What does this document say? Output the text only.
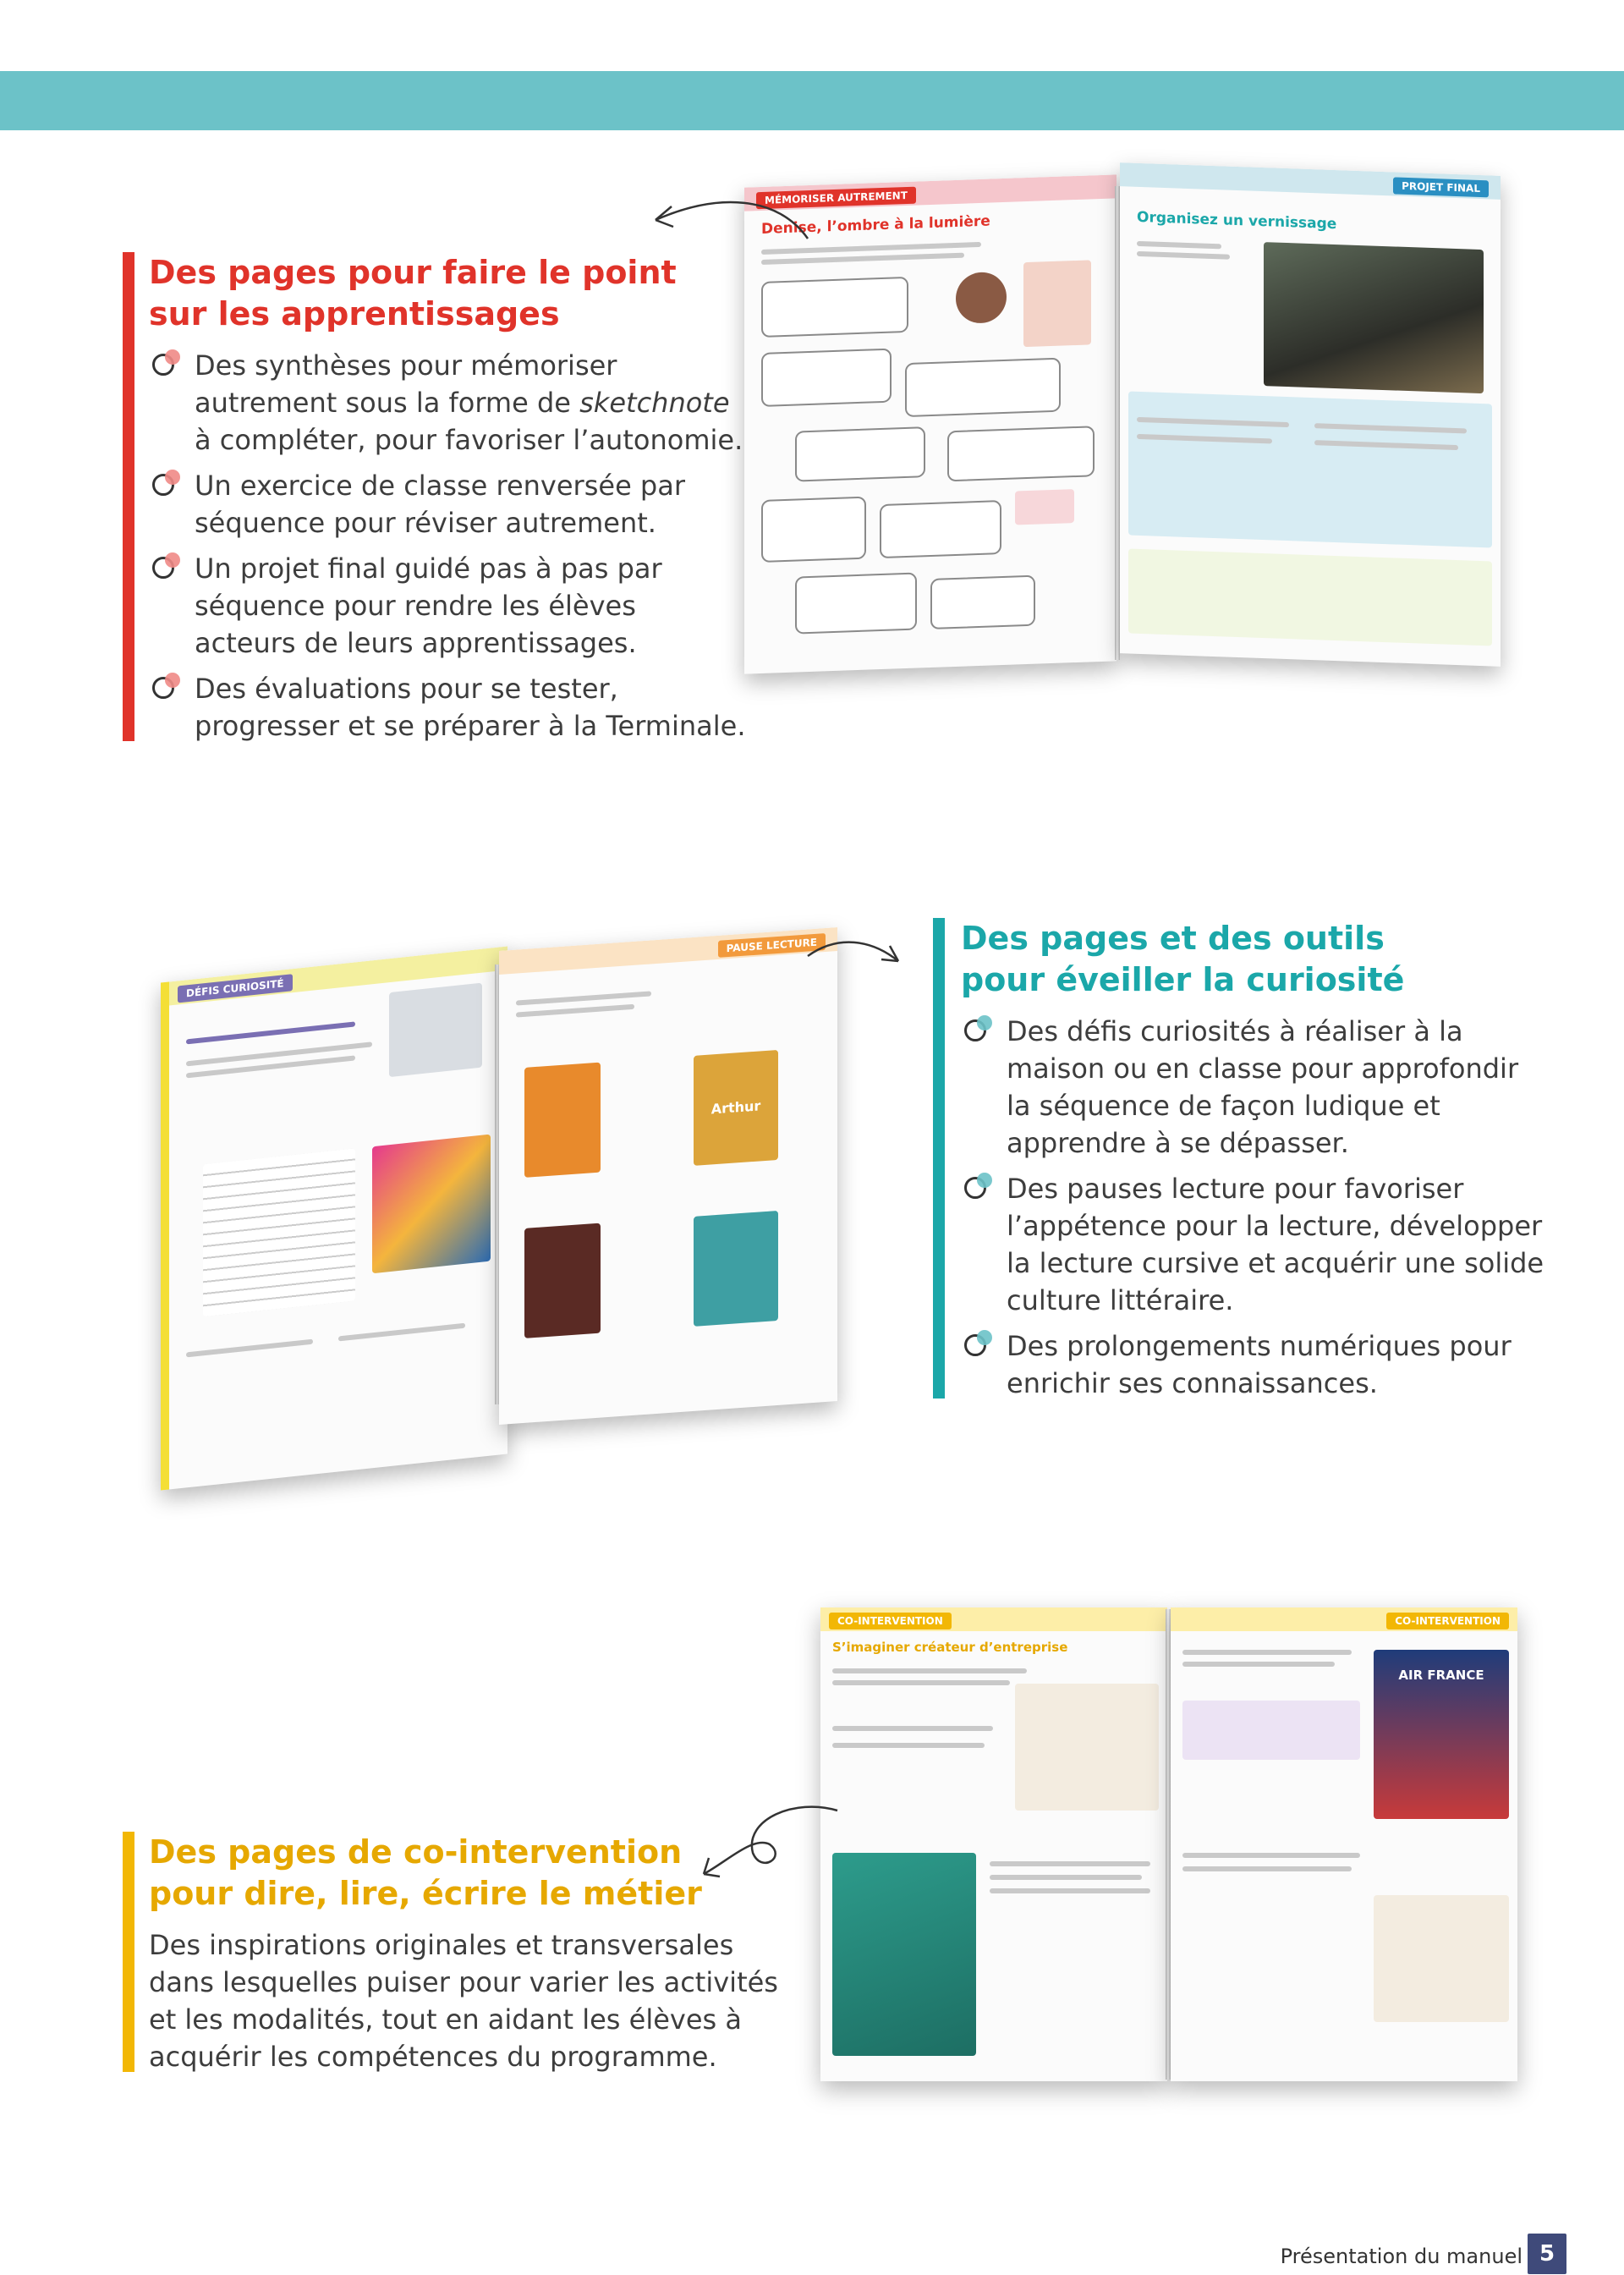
Des pages pour faire le point
sur les apprentissages
Des synthèses pour mémoriser
autrement sous la forme de sketchnote
à compléter, pour favoriser l’autonomie.
Un exercice de classe renversée par
séquence pour réviser autrement.
Un projet final guidé pas à pas par
séquence pour rendre les élèves
acteurs de leurs apprentissages.
Des évaluations pour se tester,
progresser et se préparer à la Terminale.
MÉMORISER AUTREMENT
Denise, l’ombre à la lumière
PROJET FINAL
Organisez un vernissage
Des pages et des outils
pour éveiller la curiosité
Des défis curiosités à réaliser à la
maison ou en classe pour approfondir
la séquence de façon ludique et
apprendre à se dépasser.
Des pauses lecture pour favoriser
l’appétence pour la lecture, développer
la lecture cursive et acquérir une solide
culture littéraire.
Des prolongements numériques pour
enrichir ses connaissances.
DÉFIS CURIOSITÉ
PAUSE LECTURE
Arthur
Des pages de co-intervention
pour dire, lire, écrire le métier

Des inspirations originales et transversales
dans lesquelles puiser pour varier les activités
et les modalités, tout en aidant les élèves à
acquérir les compétences du programme.

CO-INTERVENTION
S’imaginer créateur d’entreprise
CO-INTERVENTION
AIR FRANCE
Présentation du manuel 5
